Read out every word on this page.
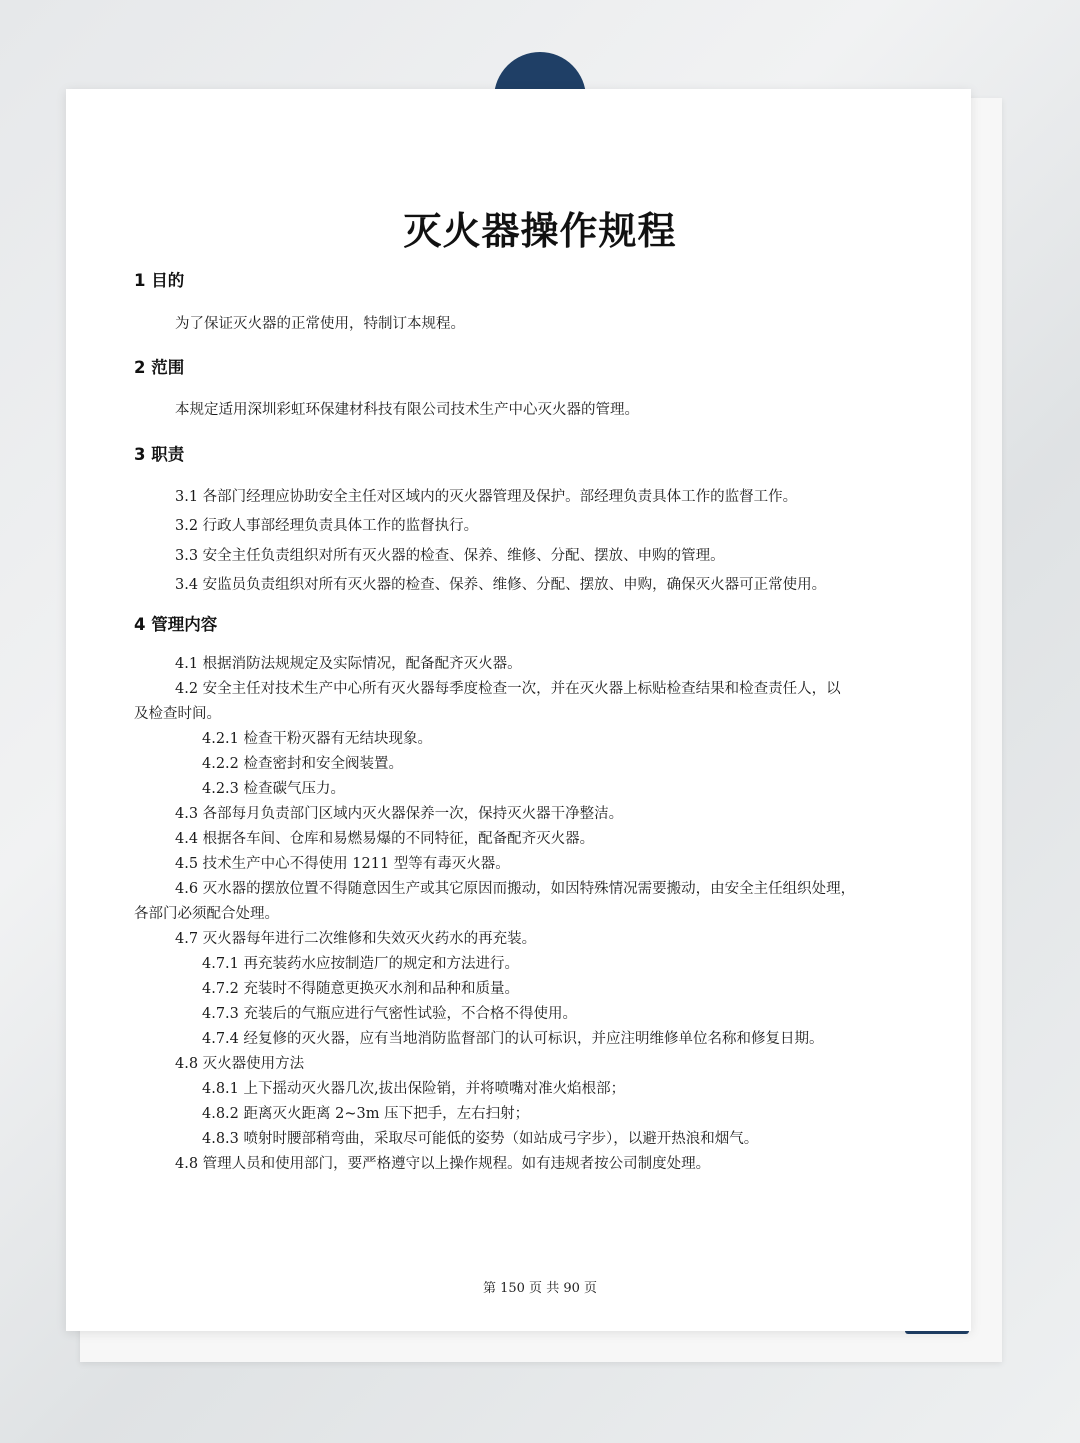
灭火器操作规程
1 目的
为了保证灭火器的正常使用，特制订本规程。
2 范围
本规定适用深圳彩虹环保建材科技有限公司技术生产中心灭火器的管理。
3 职责
3.1 各部门经理应协助安全主任对区域内的灭火器管理及保护。部经理负责具体工作的监督工作。
3.2 行政人事部经理负责具体工作的监督执行。
3.3 安全主任负责组织对所有灭火器的检查、保养、维修、分配、摆放、申购的管理。
3.4 安监员负责组织对所有灭火器的检查、保养、维修、分配、摆放、申购，确保灭火器可正常使用。
4 管理内容
4.1 根据消防法规规定及实际情况，配备配齐灭火器。
4.2 安全主任对技术生产中心所有灭火器每季度检查一次，并在灭火器上标贴检查结果和检查责任人，以
及检查时间。
4.2.1 检查干粉灭器有无结块现象。
4.2.2 检查密封和安全阀装置。
4.2.3 检查碳气压力。
4.3 各部每月负责部门区域内灭火器保养一次，保持灭火器干净整洁。
4.4 根据各车间、仓库和易燃易爆的不同特征，配备配齐灭火器。
4.5 技术生产中心不得使用 1211 型等有毒灭火器。
4.6 灭水器的摆放位置不得随意因生产或其它原因而搬动，如因特殊情况需要搬动，由安全主任组织处理，
各部门必须配合处理。
4.7 灭火器每年进行二次维修和失效灭火药水的再充装。
4.7.1 再充装药水应按制造厂的规定和方法进行。
4.7.2 充装时不得随意更换灭水剂和品种和质量。
4.7.3 充装后的气瓶应进行气密性试验，不合格不得使用。
4.7.4 经复修的灭火器，应有当地消防监督部门的认可标识，并应注明维修单位名称和修复日期。
4.8 灭火器使用方法
4.8.1 上下摇动灭火器几次,拔出保险销，并将喷嘴对准火焰根部；
4.8.2 距离灭火距离 2~3m 压下把手，左右扫射；
4.8.3 喷射时腰部稍弯曲，采取尽可能低的姿势（如站成弓字步），以避开热浪和烟气。
4.8 管理人员和使用部门，要严格遵守以上操作规程。如有违规者按公司制度处理。
第 150 页 共 90 页
